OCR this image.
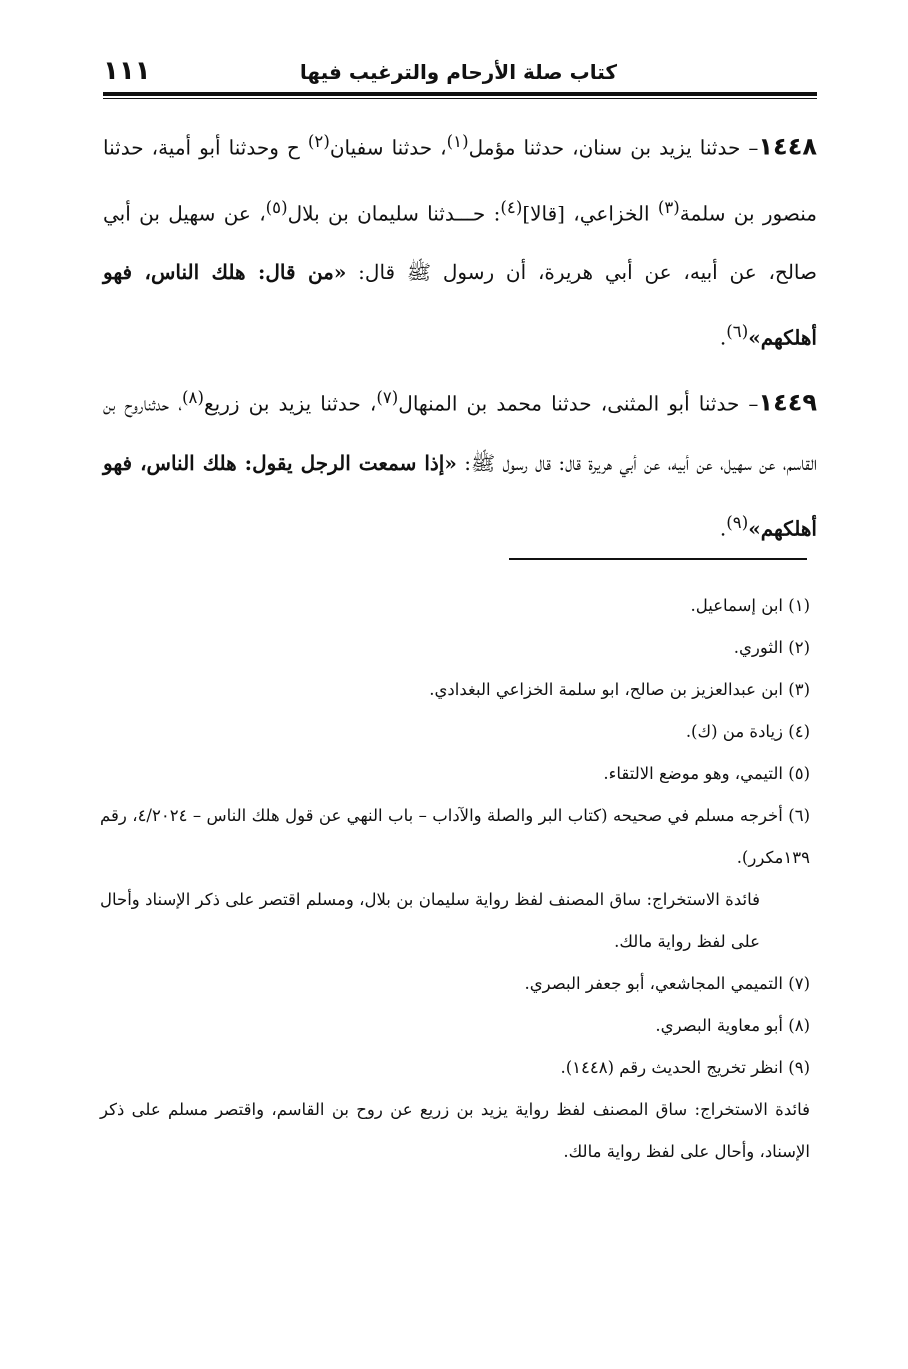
كتاب صلة الأرحام والترغيب فيها
١١١

١٤٤٨– حدثنا يزيد بن سنان، حدثنا مؤمل$^{(١)}$، حدثنا سفيان$^{(٢)}$ ح وحدثنا أبو أمية، حدثنا منصور بن سلمة$^{(٣)}$ الخزاعي، [قالا]$^{(٤)}$: حـــدثنا سليمان بن بلال$^{(٥)}$، عن سهيل بن أبي صالح، عن أبيه، عن أبي هريرة، أن رسول ﷺ قال: «من قال: هلك الناس، فهو أهلكهم»$^{(٦)}$.

١٤٤٩– حدثنا أبو المثنى، حدثنا محمد بن المنهال$^{(٧)}$، حدثنا يزيد بن زريع$^{(٨)}$، حدثناروح بن القاسم، عن سهيل، عن أبيه، عن أبي هريرة قال: قال رسول ﷺ: «إذا سمعت الرجل يقول: هلك الناس، فهو أهلكهم»$^{(٩)}$.

(١) ابن إسماعيل.

(٢) الثوري.

(٣) ابن عبدالعزيز بن صالح، ابو سلمة الخزاعي البغدادي.

(٤) زيادة من (ك).

(٥) التيمي، وهو موضع الالتقاء.

(٦) أخرجه مسلم في صحيحه (كتاب البر والصلة والآداب – باب النهي عن قول هلك الناس – ٤/٢٠٢٤، رقم ١٣٩مكرر).

فائدة الاستخراج: ساق المصنف لفظ رواية سليمان بن بلال، ومسلم اقتصر على ذكر الإسناد وأحال على لفظ رواية مالك.

(٧) التميمي المجاشعي، أبو جعفر البصري.

(٨) أبو معاوية البصري.

(٩) انظر تخريج الحديث رقم (١٤٤٨).

فائدة الاستخراج: ساق المصنف لفظ رواية يزيد بن زريع عن روح بن القاسم، واقتصر مسلم على ذكر الإسناد، وأحال على لفظ رواية مالك.
